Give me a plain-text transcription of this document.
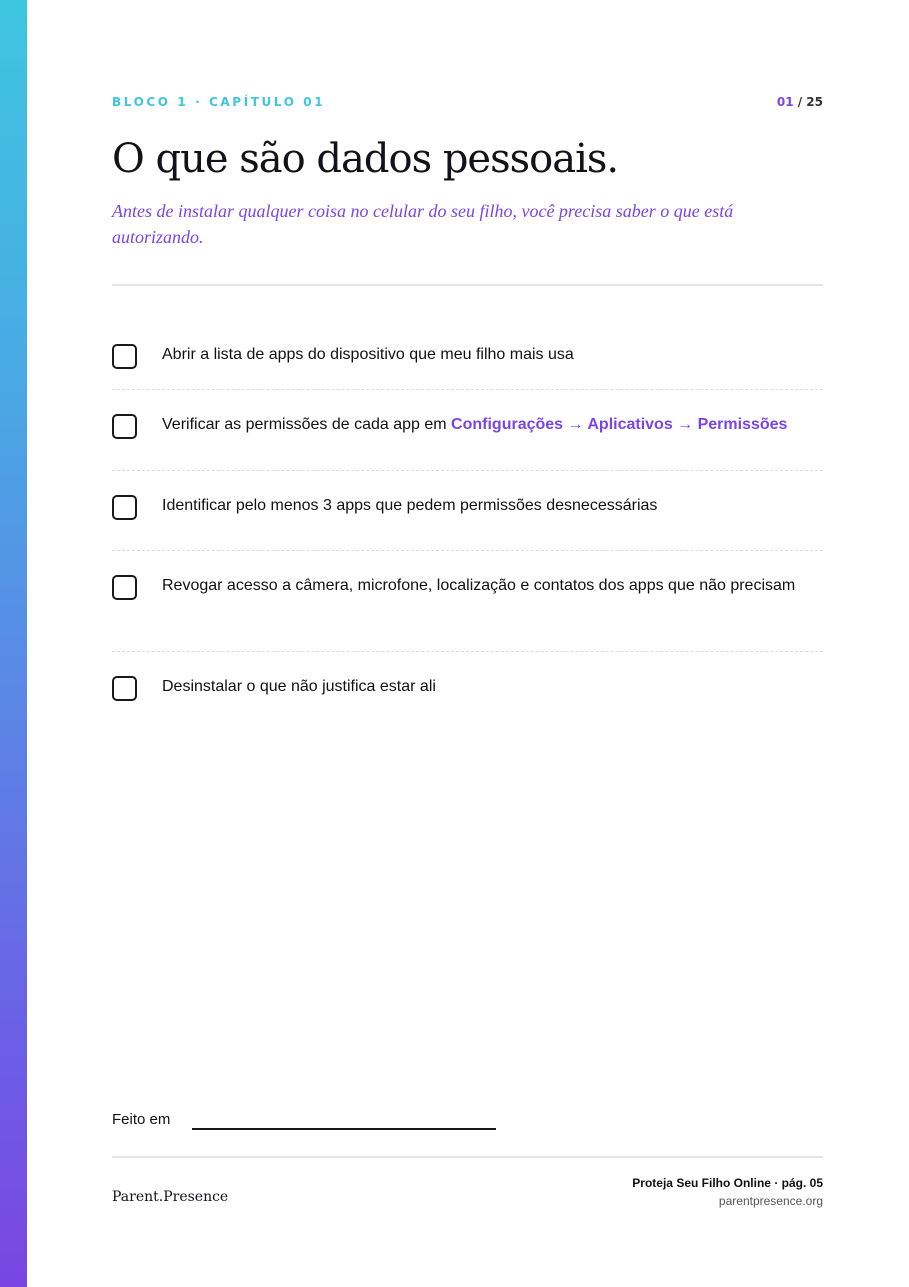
BLOCO 1 · CAPÍTULO 01	01 / 25
O que são dados pessoais.

Antes de instalar qualquer coisa no celular do seu filho, você precisa saber o que está autorizando.

Abrir a lista de apps do dispositivo que meu filho mais usa
Verificar as permissões de cada app em Configurações → Aplicativos → Permissões
Identificar pelo menos 3 apps que pedem permissões desnecessárias
Revogar acesso a câmera, microfone, localização e contatos dos apps que não precisam
Desinstalar o que não justifica estar ali
Feito em
Parent.Presence
Proteja Seu Filho Online · pág. 05
parentpresence.org
